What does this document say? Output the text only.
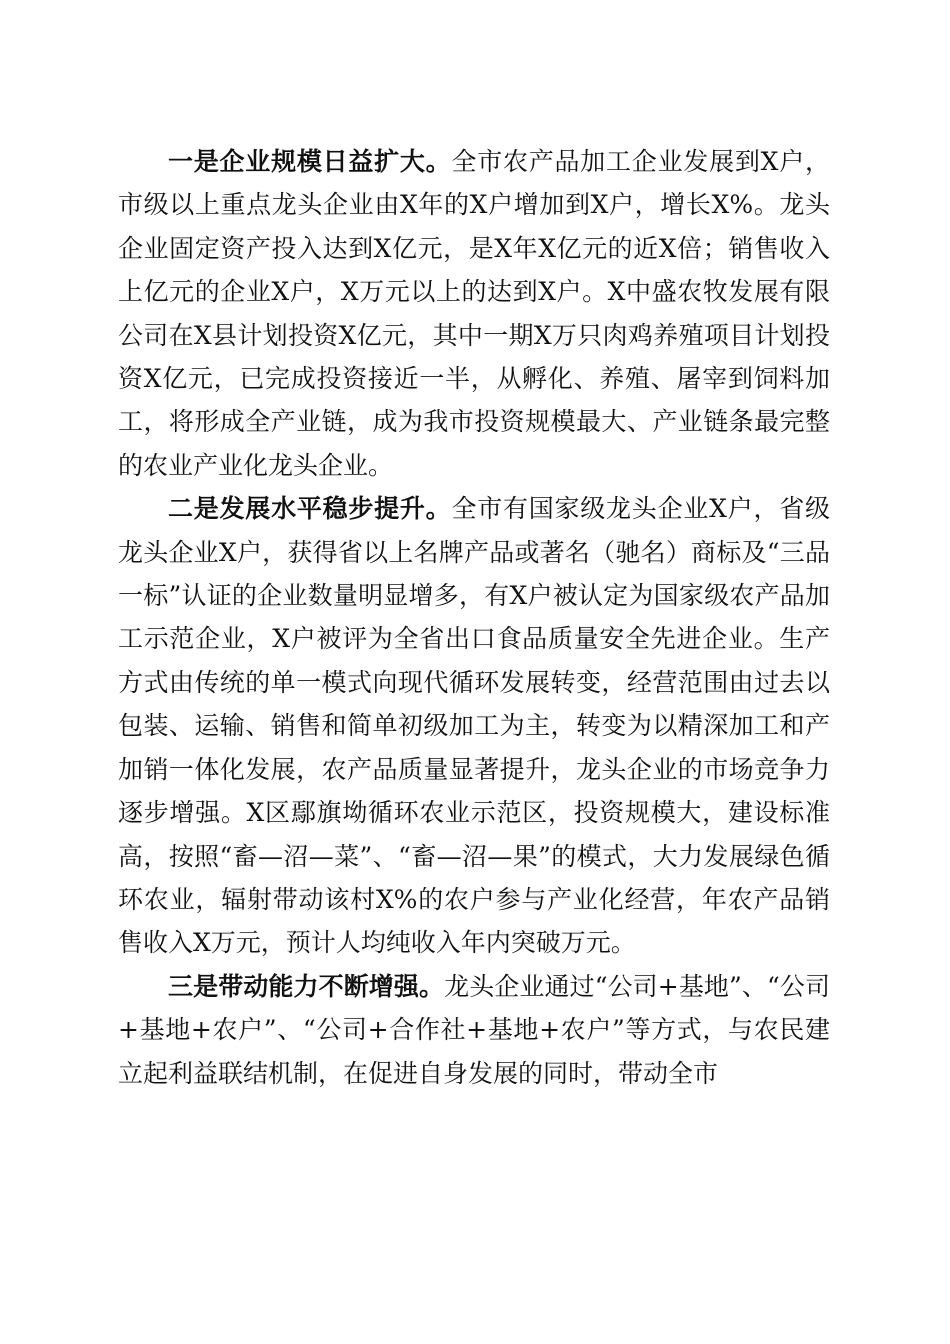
一是企业规模日益扩大。全市农产品加工企业发展到X户，市级以上重点龙头企业由X年的X户增加到X户，增长X%。龙头企业固定资产投入达到X亿元，是X年X亿元的近X倍；销售收入上亿元的企业X户，X万元以上的达到X户。X中盛农牧发展有限公司在X县计划投资X亿元，其中一期X万只肉鸡养殖项目计划投资X亿元，已完成投资接近一半，从孵化、养殖、屠宰到饲料加工，将形成全产业链，成为我市投资规模最大、产业链条最完整的农业产业化龙头企业。

二是发展水平稳步提升。全市有国家级龙头企业X户，省级龙头企业X户，获得省以上名牌产品或著名（驰名）商标及“三品一标”认证的企业数量明显增多，有X户被认定为国家级农产品加工示范企业，X户被评为全省出口食品质量安全先进企业。生产方式由传统的单一模式向现代循环发展转变，经营范围由过去以包装、运输、销售和简单初级加工为主，转变为以精深加工和产加销一体化发展，农产品质量显著提升，龙头企业的市场竞争力逐步增强。X区鄢旗坳循环农业示范区，投资规模大，建设标准高，按照“畜—沼—菜”、“畜—沼—果”的模式，大力发展绿色循环农业，辐射带动该村X%的农户参与产业化经营，年农产品销售收入X万元，预计人均纯收入年内突破万元。

三是带动能力不断增强。龙头企业通过“公司+基地”、“公司+基地+农户”、“公司+合作社+基地+农户”等方式，与农民建立起利益联结机制，在促进自身发展的同时，带动全市
